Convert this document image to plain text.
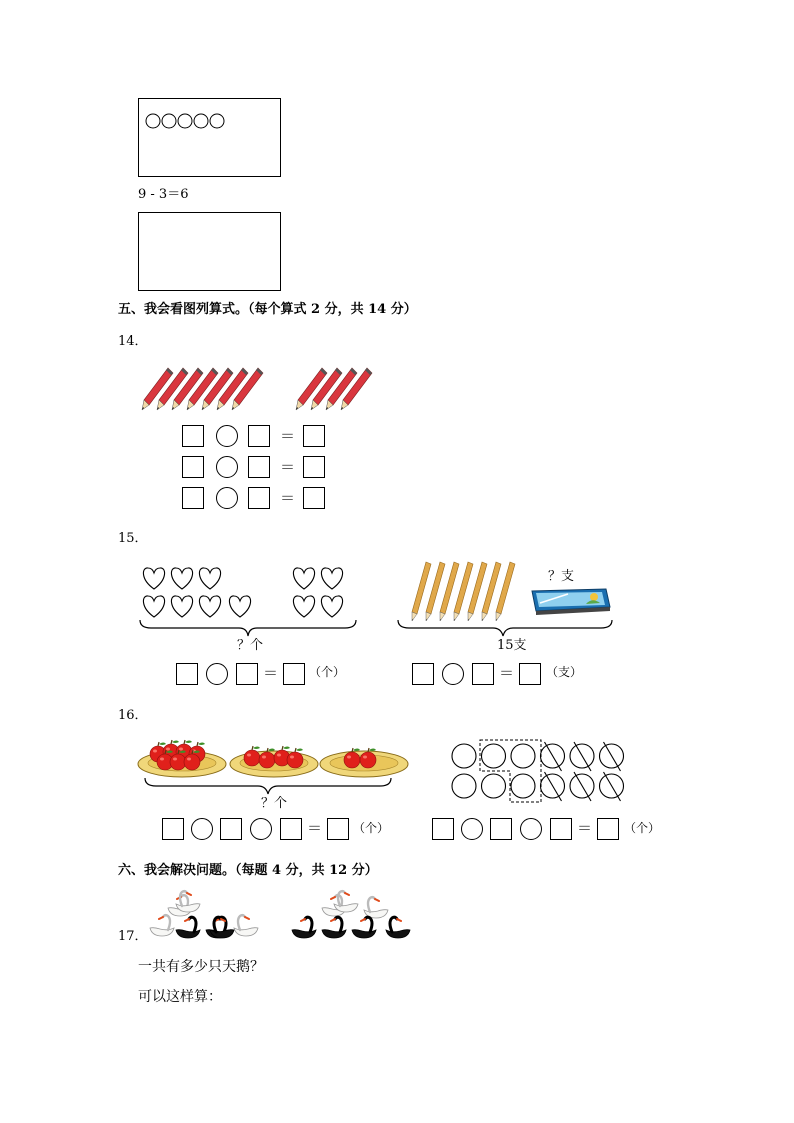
9 - 3＝6
五、我会看图列算式。（每个算式 2 分，共 14 分）
14．
＝
＝
＝
15．
？个
？支
15支
＝	（个）	＝	（支）
16．
？个
＝	（个）	＝	（个）
六、我会解决问题。（每题 4 分，共 12 分）
17．
一共有多少只天鹅？
可以这样算：
